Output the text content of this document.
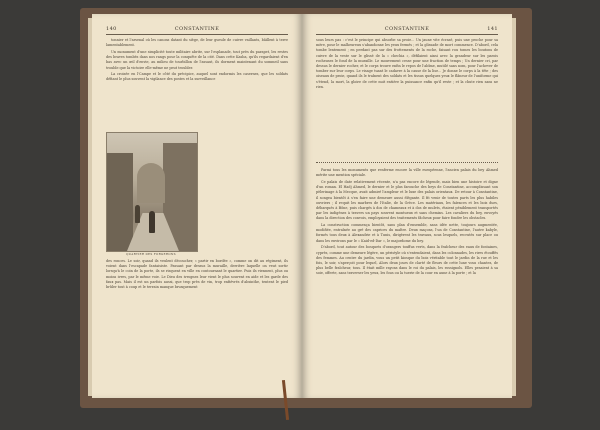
140	CONSTANTINE

tonnier et l'arsenal où les canons datant du siège, de leur gueule de cuivre vaillants, bâillent à terre lamentablement.

Un monument d'une simplicité toute militaire abrite, sur l'esplanade, tout près du parapet, les restes des braves tombés dans nos rangs pour la conquête de la cité. Dans cette Kasba, qu'ils regardaient d'en bas avec un œil d'envie, au milieu de tourbillon de l'assaut, ils dorment maintenant du sommeil sans trouble que la victoire elle-même ne peut troubler.

La croisée en l'Campe et le côté du précipice, auquel sont endormis les casernes, que les soldats défiant le plus souvent la vigilance des postes et la surveillance

QUARTIER DES FORGERONS

des ronces. Le soir, quand ils veulent découcher, « partir en bordée », comme on dit au régiment, ils voient dans l'escapade fantaisiste. Passant par dessus la muraille, derrière laquelle on veut sortir lorsqu'à le coin de la porte, ils se risquent en ville en contournant le quartier. Puis ils viennent, plus ou moins ivres, par le même voie. Le Dieu des ivrognes leur vient le plus souvent en aide et les garde des faux pas. Mais il est un parfois aussi, que trop près de vin, trop enfiévrés d'absinthe, tentent le pied brûler tout à coup et le terrain manque brusquement

CONSTANTINE	141

sous leurs pas : c'est le principe qui absorbe sa proie... Un jaune vite écrasé, puis une proche pour sa mère, pour le malheureux s'abandonne les yeux fermés ; et la glissade de mort commence. D'abord, cela tombe lentement ; en perdant pas sur des frottements de la roche, faisant rou tomes les boutons de cuivre de la veste sur le glissé de la « chechia », défilaient ainsi avec la grandeur sur les parois rocheuses le fond de la muraille. Le mouvement cesse pour une fraction de temps ; Un dernier cri, par dessus le dernier rocher, et le corps trouve enfin le repos de l'abîme, mutilé sans nom, pour l'achever de tomber sur leur corps. Le visage tuant le cadavre à la cause de la lise... Je donne le corps à la tête ; des oiseaux de proie, quand ils le traînent des soldats et les tissus quelques yeux le flâneur de l'uniforme qui s'étend, la mort, la gloire de cette nuit entière la puissance enfin qu'il reste ; et la chute rien sans ne rien.

Parmi tous les monuments que renferme encore la ville européenne, l'ancien palais du bey Ahmed mérite une mention spéciale.

Ce palais de date relativement récente, n'a pas encore de légende, mais bien une histoire et digne d'un roman. El Hadj Ahmed, le dernier et le plus farouche des beys de Constantine, accomplissant son pèlerinage à la Mecque, avait admiré l'ampleur et le luxe des palais orientaux. De retour à Constantine, il songea bientôt à s'en faire une demeure aussi élégante. Il fit venir de toutes parts les plus habiles ouvriers ; il requit les marbres de l'Italie, de la Grèce. Les matériaux, les faïences et les bois durs, débarqués à Bône, puis chargés à dos de chameaux et à dos de mulets, étaient péniblement transportés par les indigènes à travers un pays souvent montueux et sans chemins. Les cavaliers du bey, envoyés dans la direction des convois, employaient des traitements fâcheux pour faire fondre les obstacles.

La construction commença bientôt, sans plan d'ensemble, sans idée nette, toujours augmentée, modifiée, entraînée au gré des caprices du maître. Deux maçons, l'un de Constantine, l'autre kabyle, formés tous deux à Alexandrie et à Tunis, dirigèrent les travaux, sous lesquels, recrutés sur place ou dans les environs par le « Kaid-ed-Dar », le majordome du bey.

D'abord, tout autour des bosquets d'orangers touffus verts, dans la fraîcheur des eaux de fontaines, cyprès, comme une demeure légère, un péristyle où s'entendaient, dans les colonnades, les rires étouffés des femmes. Au centre du jardin, vous un petit kiosque du bois véritable tout le jardin de la rue et les fois, le soir, s'aperçoit pour lequel, Alors deux jours de clarté de fleurs de cette lune vous chantez, de plus belle fraîcheur, tous. Il était mille rayons dans le roi du palais, les rossignols. Elles pesaient à sa soie, offerte, sans traverser les yeux, les fous ou la tuerie de la cour en aune à la porte ; et la
